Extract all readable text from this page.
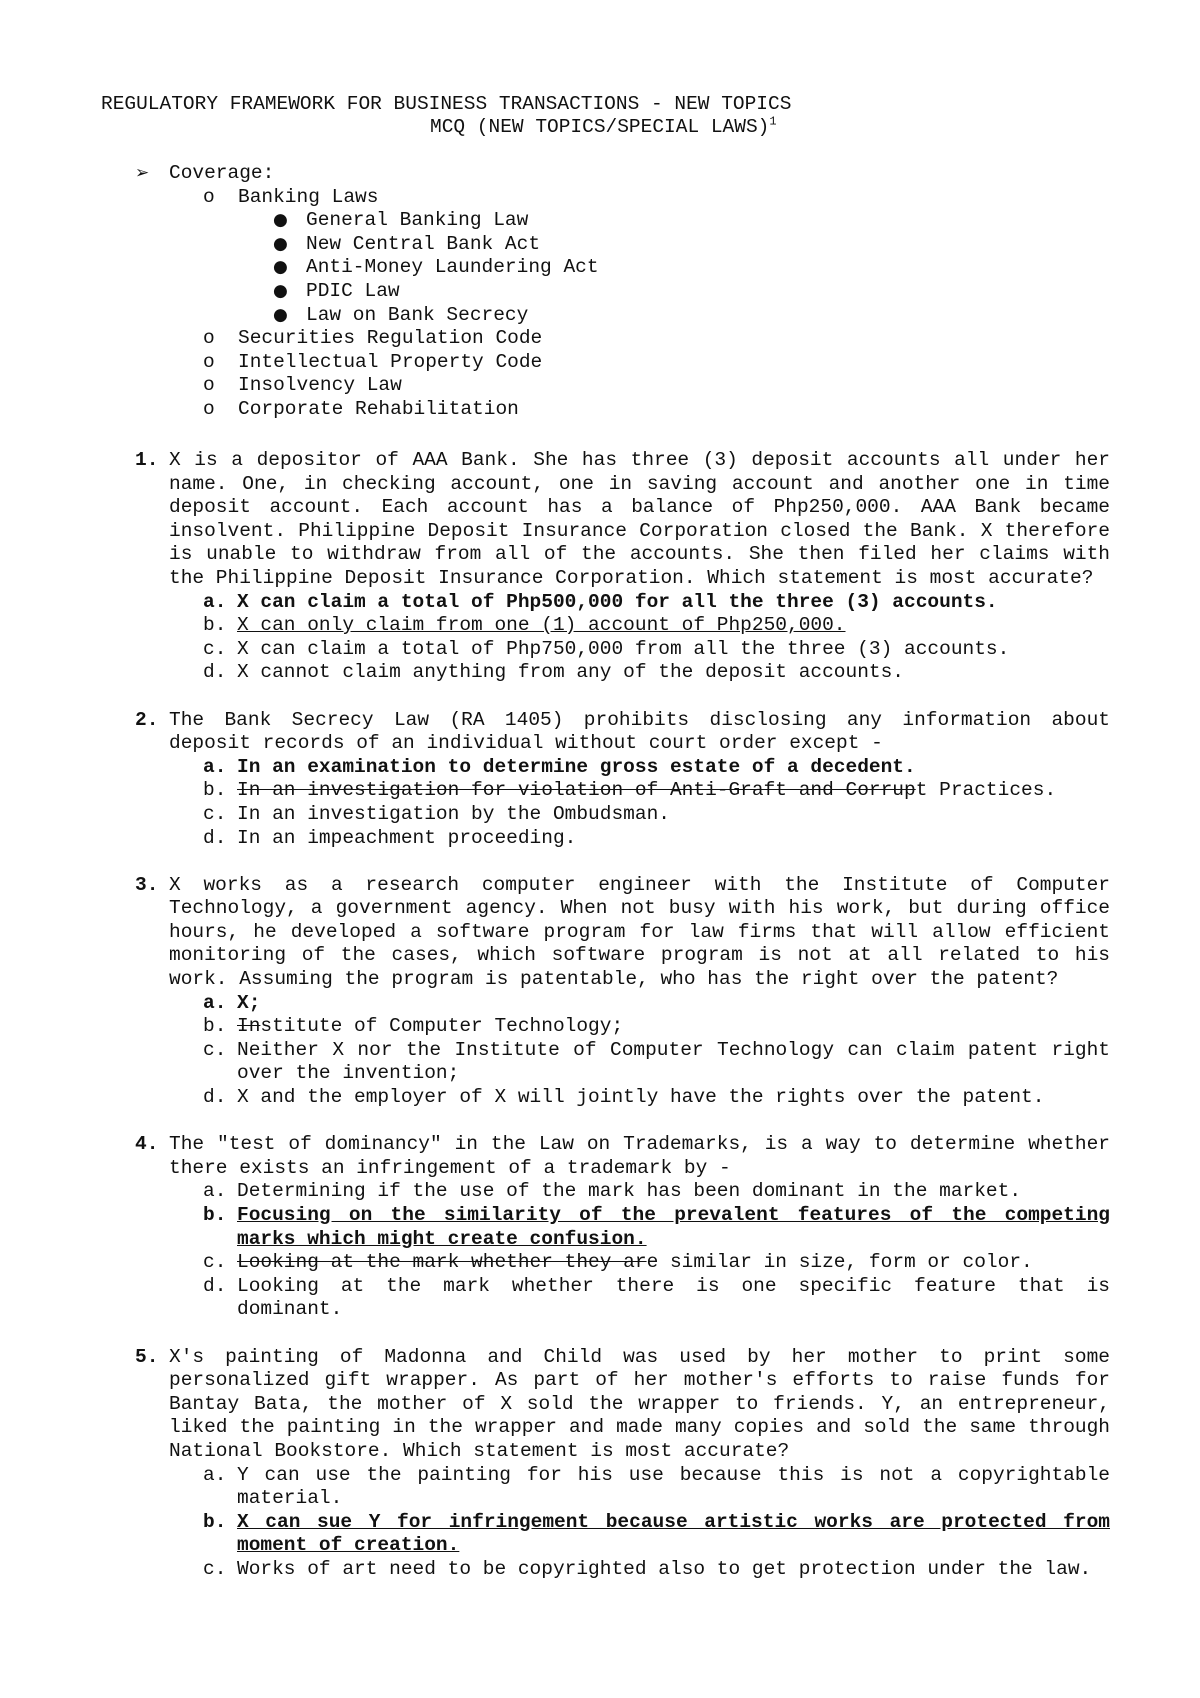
REGULATORY FRAMEWORK FOR BUSINESS TRANSACTIONS - NEW TOPICS
MCQ (NEW TOPICS/SPECIAL LAWS)$^1$
➢ Coverage:
o Banking Laws
● General Banking Law
● New Central Bank Act
● Anti-Money Laundering Act
● PDIC Law
● Law on Bank Secrecy
o Securities Regulation Code
o Intellectual Property Code
o Insolvency Law
o Corporate Rehabilitation
1. X is a depositor of AAA Bank. She has three (3) deposit accounts all under her name. One, in checking account, one in saving account and another one in time deposit account. Each account has a balance of Php250,000. AAA Bank became insolvent. Philippine Deposit Insurance Corporation closed the Bank. X therefore is unable to withdraw from all of the accounts. She then filed her claims with the Philippine Deposit Insurance Corporation. Which statement is most accurate?
a. X can claim a total of Php500,000 for all the three (3) accounts.
b. X can only claim from one (1) account of Php250,000.
c. X can claim a total of Php750,000 from all the three (3) accounts.
d. X cannot claim anything from any of the deposit accounts.
2. The Bank Secrecy Law (RA 1405) prohibits disclosing any information about deposit records of an individual without court order except -
a. In an examination to determine gross estate of a decedent.
b. In an investigation for violation of Anti-Graft and Corrupt Practices.
c. In an investigation by the Ombudsman.
d. In an impeachment proceeding.
3. X works as a research computer engineer with the Institute of Computer Technology, a government agency. When not busy with his work, but during office hours, he developed a software program for law firms that will allow efficient monitoring of the cases, which software program is not at all related to his work. Assuming the program is patentable, who has the right over the patent?
a. X;
b. Institute of Computer Technology;
c. Neither X nor the Institute of Computer Technology can claim patent right over the invention;
d. X and the employer of X will jointly have the rights over the patent.
4. The "test of dominancy" in the Law on Trademarks, is a way to determine whether there exists an infringement of a trademark by -
a. Determining if the use of the mark has been dominant in the market.
b. Focusing on the similarity of the prevalent features of the competing marks which might create confusion.
c. Looking at the mark whether they are similar in size, form or color.
d. Looking at the mark whether there is one specific feature that is dominant.
5. X's painting of Madonna and Child was used by her mother to print some personalized gift wrapper. As part of her mother's efforts to raise funds for Bantay Bata, the mother of X sold the wrapper to friends. Y, an entrepreneur, liked the painting in the wrapper and made many copies and sold the same through National Bookstore. Which statement is most accurate?
a. Y can use the painting for his use because this is not a copyrightable material.
b. X can sue Y for infringement because artistic works are protected from moment of creation.
c. Works of art need to be copyrighted also to get protection under the law.
